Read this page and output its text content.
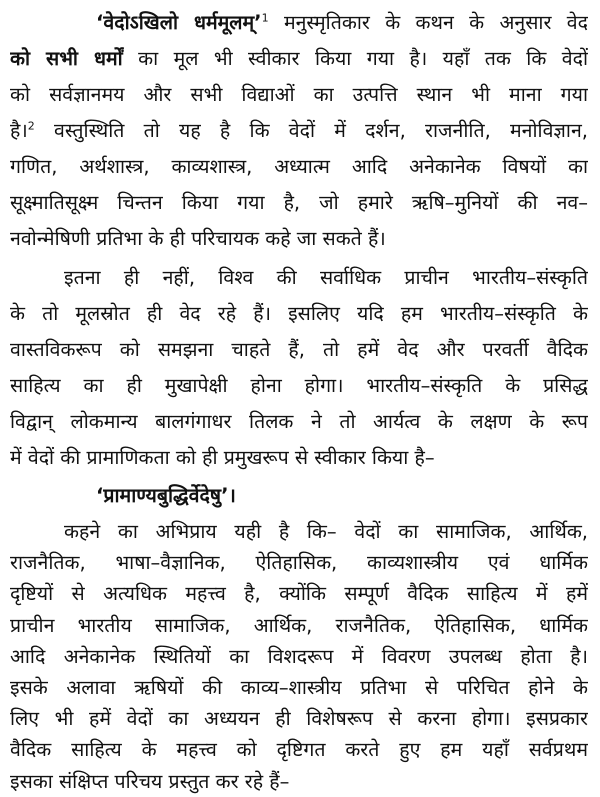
‘वेदोऽखिलो धर्ममूलम्’$^1$ मनुस्मृतिकार के कथन के अनुसार वेद
को सभी धर्मों का मूल भी स्वीकार किया गया है। यहाँ तक कि वेदों
को सर्वज्ञानमय और सभी विद्याओं का उत्पत्ति स्थान भी माना गया
है।$^2$ वस्तुस्थिति तो यह है कि वेदों में दर्शन, राजनीति, मनोविज्ञान,
गणित, अर्थशास्त्र, काव्यशास्त्र, अध्यात्म आदि अनेकानेक विषयों का
सूक्ष्मातिसूक्ष्म चिन्तन किया गया है, जो हमारे ऋषि–मुनियों की नव–
नवोन्मेषिणी प्रतिभा के ही परिचायक कहे जा सकते हैं।
इतना ही नहीं, विश्व की सर्वाधिक प्राचीन भारतीय–संस्कृति
के तो मूलस्रोत ही वेद रहे हैं। इसलिए यदि हम भारतीय–संस्कृति के
वास्तविकरूप को समझना चाहते हैं, तो हमें वेद और परवर्ती वैदिक
साहित्य का ही मुखापेक्षी होना होगा। भारतीय–संस्कृति के प्रसिद्ध
विद्वान् लोकमान्य बालगंगाधर तिलक ने तो आर्यत्व के लक्षण के रूप
में वेदों की प्रामाणिकता को ही प्रमुखरूप से स्वीकार किया है–
‘प्रामाण्यबुद्धिर्वेदेषु’।
कहने का अभिप्राय यही है कि– वेदों का सामाजिक, आर्थिक,
राजनैतिक, भाषा–वैज्ञानिक, ऐतिहासिक, काव्यशास्त्रीय एवं धार्मिक
दृष्टियों से अत्यधिक महत्त्व है, क्योंकि सम्पूर्ण वैदिक साहित्य में हमें
प्राचीन भारतीय सामाजिक, आर्थिक, राजनैतिक, ऐतिहासिक, धार्मिक
आदि अनेकानेक स्थितियों का विशदरूप में विवरण उपलब्ध होता है।
इसके अलावा ऋषियों की काव्य–शास्त्रीय प्रतिभा से परिचित होने के
लिए भी हमें वेदों का अध्ययन ही विशेषरूप से करना होगा। इसप्रकार
वैदिक साहित्य के महत्त्व को दृष्टिगत करते हुए हम यहाँ सर्वप्रथम
इसका संक्षिप्त परिचय प्रस्तुत कर रहे हैं–
